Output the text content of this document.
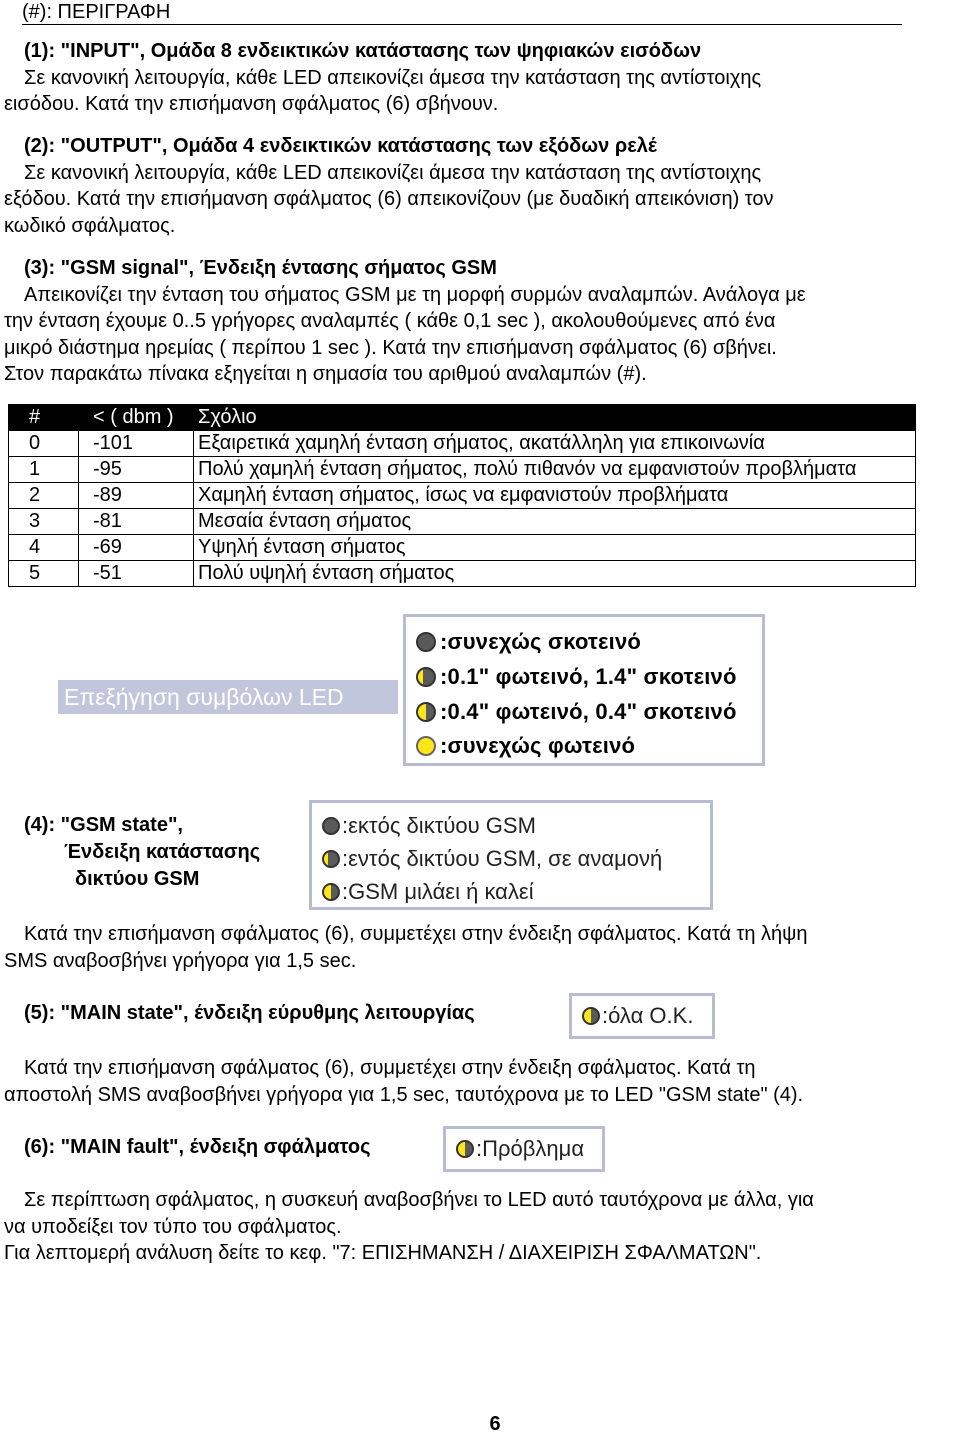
(#): ΠΕΡΙΓΡΑΦΗ
(1): "INPUT", Ομάδα 8 ενδεικτικών κατάστασης των ψηφιακών εισόδων
Σε κανονική λειτουργία, κάθε LED απεικονίζει άμεσα την κατάσταση της αντίστοιχης
εισόδου. Κατά την επισήμανση σφάλματος (6) σβήνουν.
(2): "OUTPUT", Ομάδα 4 ενδεικτικών κατάστασης των εξόδων ρελέ
Σε κανονική λειτουργία, κάθε LED απεικονίζει άμεσα την κατάσταση της αντίστοιχης
εξόδου. Κατά την επισήμανση σφάλματος (6) απεικονίζουν (με δυαδική απεικόνιση) τον
κωδικό σφάλματος.
(3): "GSM signal", Ένδειξη έντασης σήματος GSM
Απεικονίζει την ένταση του σήματος GSM με τη μορφή συρμών αναλαμπών. Ανάλογα με
την ένταση έχουμε 0..5 γρήγορες αναλαμπές ( κάθε 0,1 sec ), ακολουθούμενες από ένα
μικρό διάστημα ηρεμίας ( περίπου 1 sec ). Κατά την επισήμανση σφάλματος (6) σβήνει.
Στον παρακάτω πίνακα εξηγείται η σημασία του αριθμού αναλαμπών (#).
#	< ( dbm )	Σχόλιο
0	-101	Εξαιρετικά χαμηλή ένταση σήματος, ακατάλληλη για επικοινωνία
1	-95	Πολύ χαμηλή ένταση σήματος, πολύ πιθανόν να εμφανιστούν προβλήματα
2	-89	Χαμηλή ένταση σήματος, ίσως να εμφανιστούν προβλήματα
3	-81	Μεσαία ένταση σήματος
4	-69	Υψηλή ένταση σήματος
5	-51	Πολύ υψηλή ένταση σήματος
Επεξήγηση συμβόλων LED
:συνεχώς σκοτεινό
:0.1" φωτεινό, 1.4" σκοτεινό
:0.4" φωτεινό, 0.4" σκοτεινό
:συνεχώς φωτεινό
(4): "GSM state",
Ένδειξη κατάστασης
δικτύου GSM
:εκτός δικτύου GSM
:εντός δικτύου GSM, σε αναμονή
:GSM μιλάει ή καλεί
Κατά την επισήμανση σφάλματος (6), συμμετέχει στην ένδειξη σφάλματος. Κατά τη λήψη
SMS αναβοσβήνει γρήγορα για 1,5 sec.
(5): "MAIN state", ένδειξη εύρυθμης λειτουργίας	:όλα O.K.
Κατά την επισήμανση σφάλματος (6), συμμετέχει στην ένδειξη σφάλματος. Κατά τη
αποστολή SMS αναβοσβήνει γρήγορα για 1,5 sec, ταυτόχρονα με το LED "GSM state" (4).
(6): "MAIN fault", ένδειξη σφάλματος	:Πρόβλημα
Σε περίπτωση σφάλματος, η συσκευή αναβοσβήνει το LED αυτό ταυτόχρονα με άλλα, για
να υποδείξει τον τύπο του σφάλματος.
Για λεπτομερή ανάλυση δείτε το κεφ. "7: ΕΠΙΣΗΜΑΝΣΗ / ΔΙΑΧΕΙΡΙΣΗ ΣΦΑΛΜΑΤΩΝ".
6
